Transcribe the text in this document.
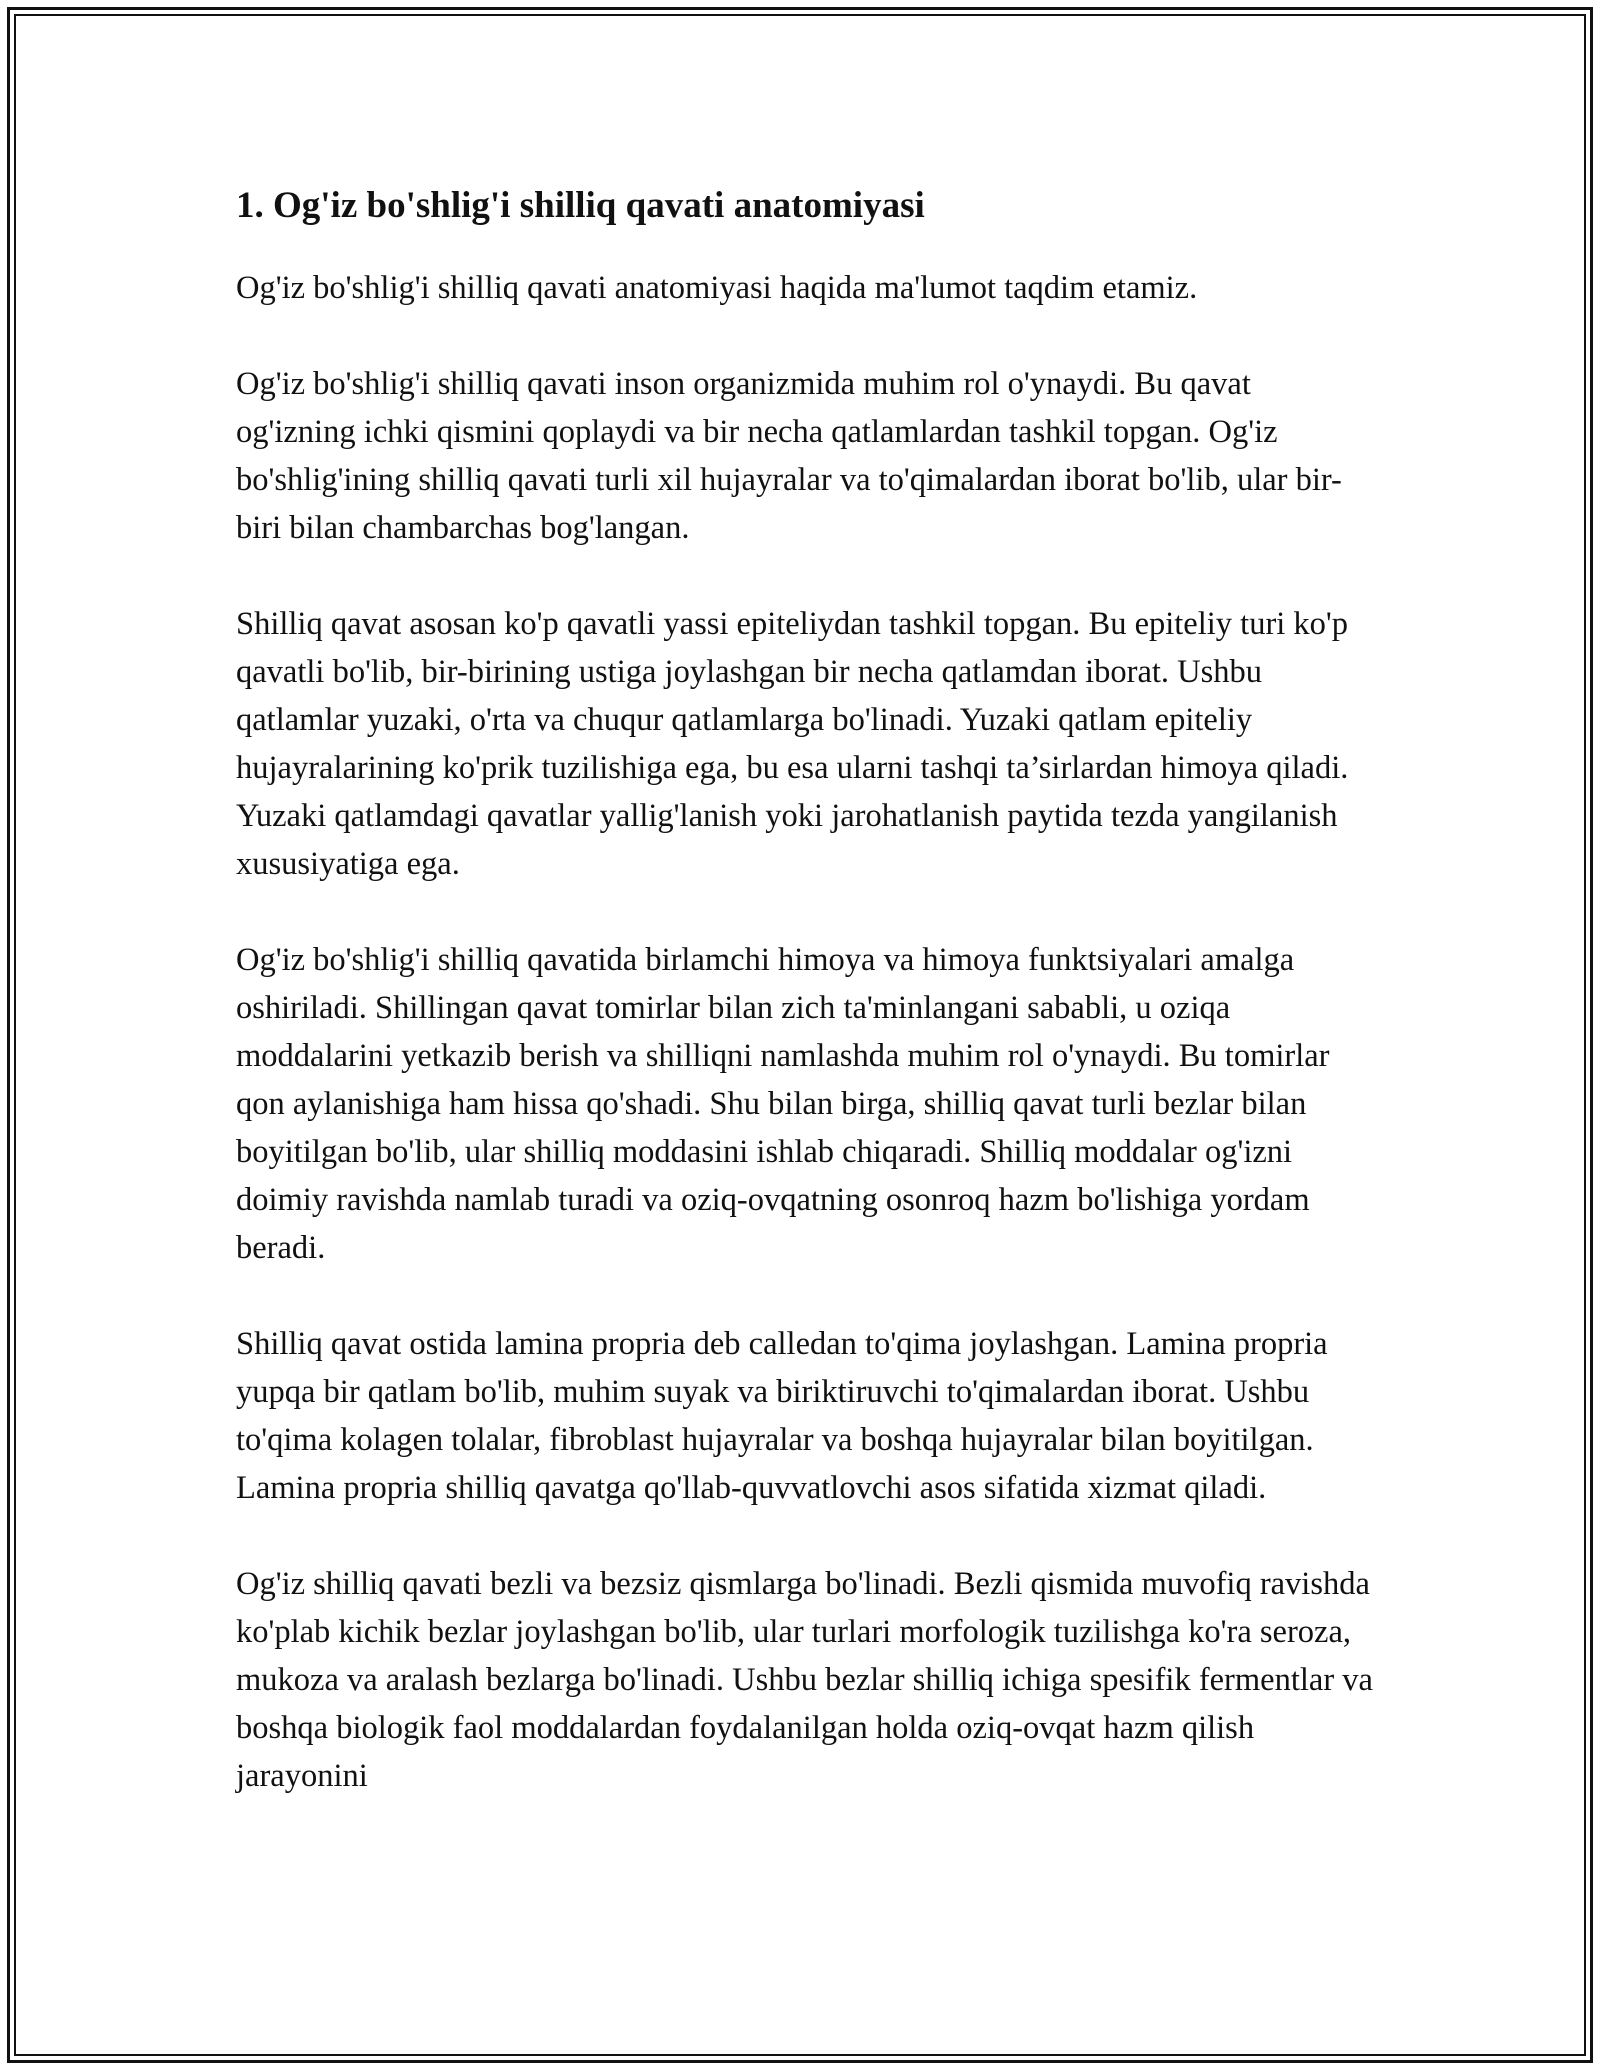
1. Og'iz bo'shlig'i shilliq qavati anatomiyasi

Og'iz bo'shlig'i shilliq qavati anatomiyasi haqida ma'lumot taqdim etamiz.

Og'iz bo'shlig'i shilliq qavati inson organizmida muhim rol o'ynaydi. Bu qavat og'izning ichki qismini qoplaydi va bir necha qatlamlardan tashkil topgan. Og'iz bo'shlig'ining shilliq qavati turli xil hujayralar va to'qimalardan iborat bo'lib, ular bir-biri bilan chambarchas bog'langan.

Shilliq qavat asosan ko'p qavatli yassi epiteliydan tashkil topgan. Bu epiteliy turi ko'p qavatli bo'lib, bir-birining ustiga joylashgan bir necha qatlamdan iborat. Ushbu qatlamlar yuzaki, o'rta va chuqur qatlamlarga bo'linadi. Yuzaki qatlam epiteliy hujayralarining ko'prik tuzilishiga ega, bu esa ularni tashqi ta’sirlardan himoya qiladi. Yuzaki qatlamdagi qavatlar yallig'lanish yoki jarohatlanish paytida tezda yangilanish xususiyatiga ega.

Og'iz bo'shlig'i shilliq qavatida birlamchi himoya va himoya funktsiyalari amalga oshiriladi. Shillingan qavat tomirlar bilan zich ta'minlangani sababli, u oziqa moddalarini yetkazib berish va shilliqni namlashda muhim rol o'ynaydi. Bu tomirlar qon aylanishiga ham hissa qo'shadi. Shu bilan birga, shilliq qavat turli bezlar bilan boyitilgan bo'lib, ular shilliq moddasini ishlab chiqaradi. Shilliq moddalar og'izni doimiy ravishda namlab turadi va oziq-ovqatning osonroq hazm bo'lishiga yordam beradi.

Shilliq qavat ostida lamina propria deb calledan to'qima joylashgan. Lamina propria yupqa bir qatlam bo'lib, muhim suyak va biriktiruvchi to'qimalardan iborat. Ushbu to'qima kolagen tolalar, fibroblast hujayralar va boshqa hujayralar bilan boyitilgan. Lamina propria shilliq qavatga qo'llab-quvvatlovchi asos sifatida xizmat qiladi.

Og'iz shilliq qavati bezli va bezsiz qismlarga bo'linadi. Bezli qismida muvofiq ravishda ko'plab kichik bezlar joylashgan bo'lib, ular turlari morfologik tuzilishga ko'ra seroza, mukoza va aralash bezlarga bo'linadi. Ushbu bezlar shilliq ichiga spesifik fermentlar va boshqa biologik faol moddalardan foydalanilgan holda oziq-ovqat hazm qilish jarayonini
